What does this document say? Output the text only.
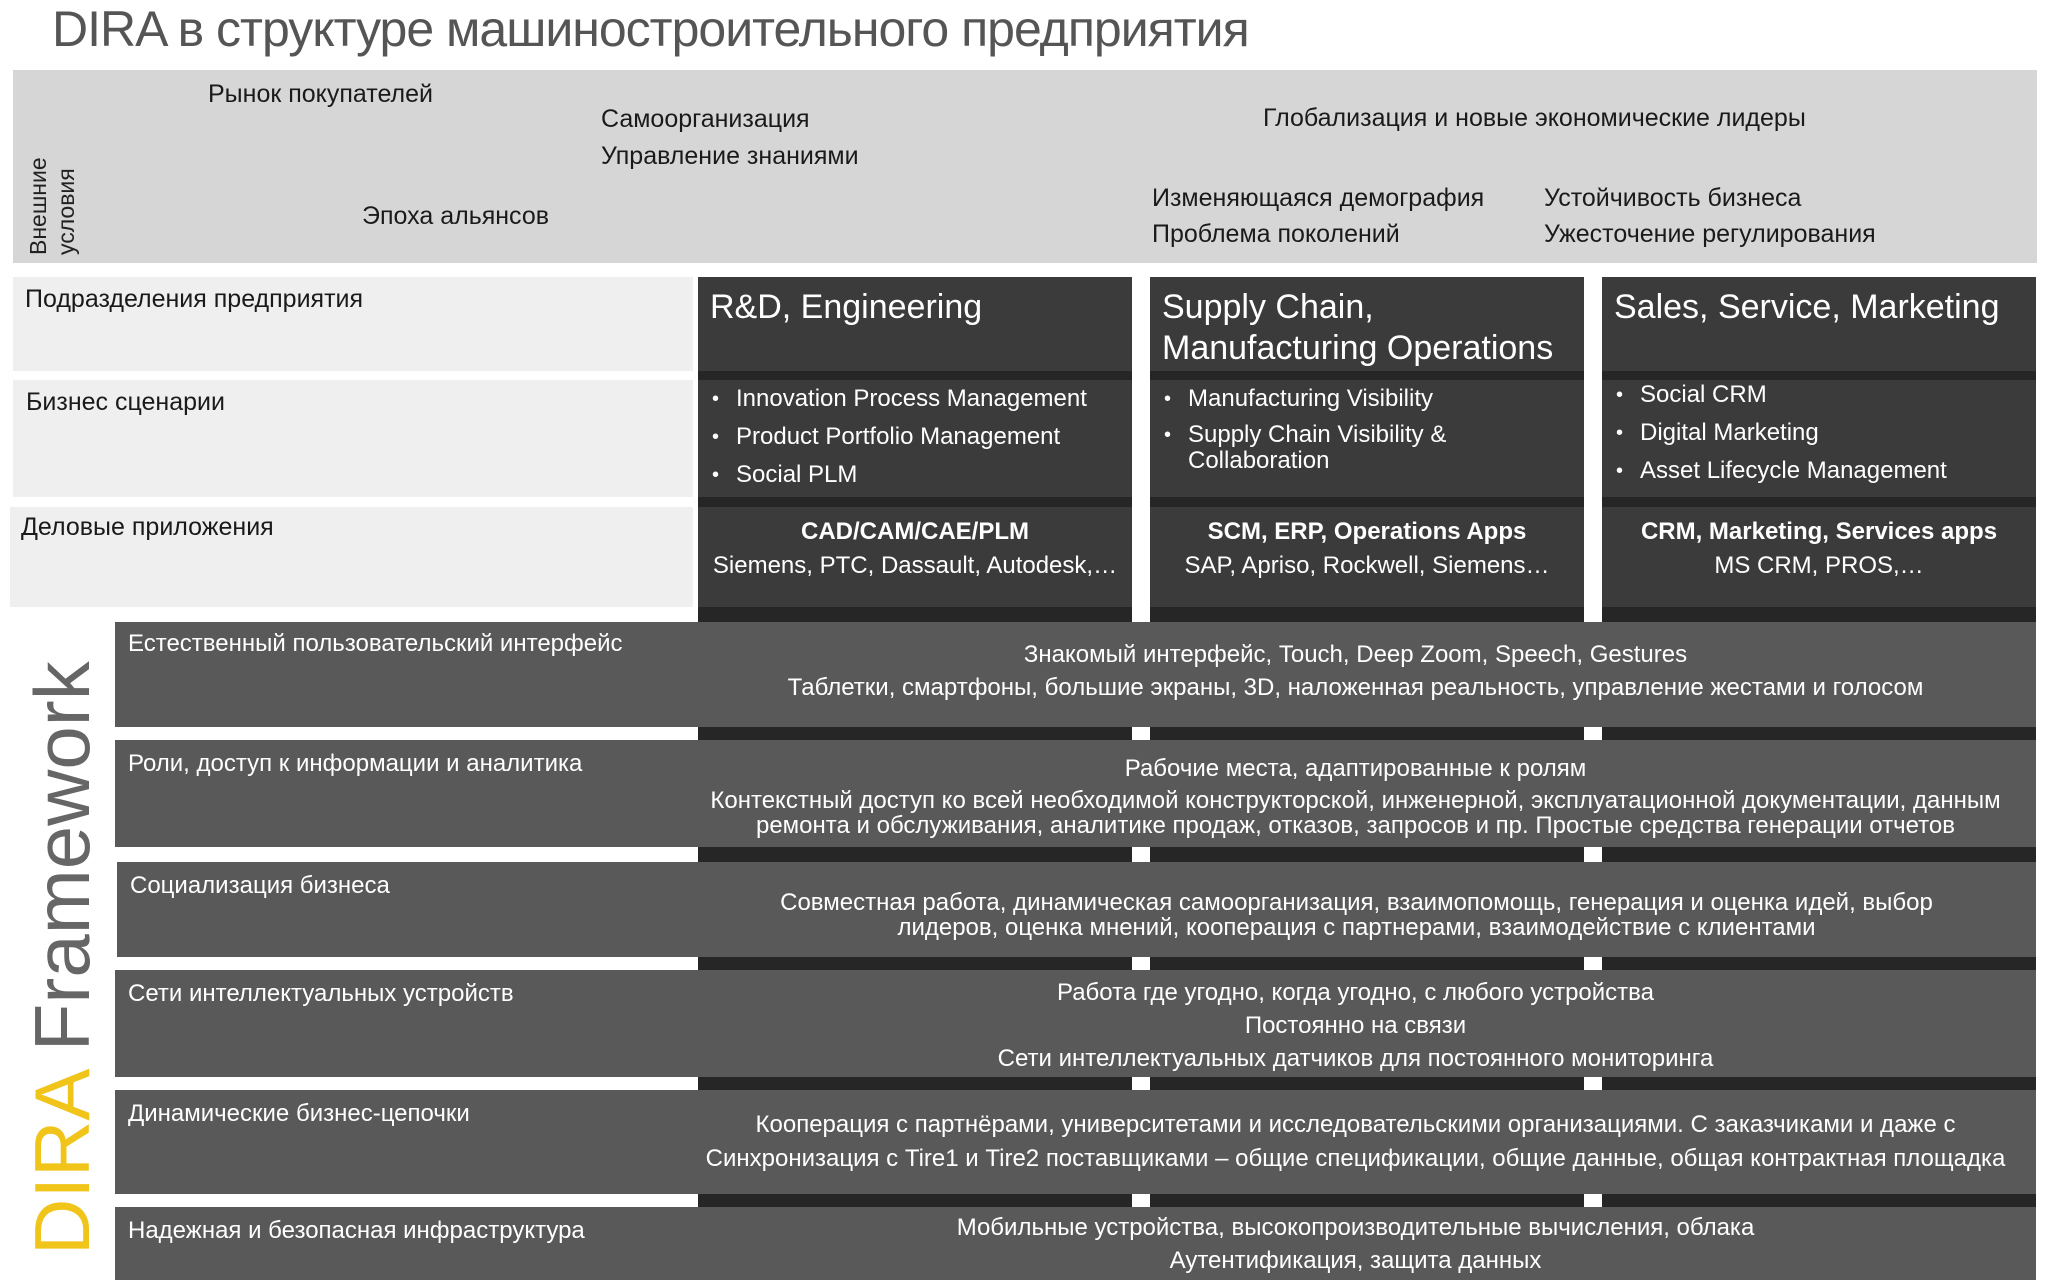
DIRA в структуре машиностроительного предприятия
Внешние условия
Рынок покупателей
Эпоха альянсов
Самоорганизация
Управление знаниями
Глобализация и новые экономические лидеры
Изменяющаяся демография
Проблема поколений
Устойчивость бизнеса
Ужесточение регулирования
Подразделения предприятия
Бизнес сценарии
Деловые приложения
R&D, Engineering
• Innovation Process Management
• Product Portfolio Management
• Social PLM
CAD/CAM/CAE/PLM
Siemens, PTC, Dassault, Autodesk,…
Supply Chain, Manufacturing Operations
• Manufacturing Visibility
• Supply Chain Visibility & Collaboration
SCM, ERP, Operations Apps
SAP, Apriso, Rockwell, Siemens…
Sales, Service, Marketing
• Social CRM
• Digital Marketing
• Asset Lifecycle Management
CRM, Marketing, Services apps
MS CRM, PROS,…
Естественный пользовательский интерфейс	Знакомый интерфейс, Touch, Deep Zoom, Speech, Gestures
Таблетки, смартфоны, большие экраны, 3D, наложенная реальность, управление жестами и голосом
Роли, доступ к информации и аналитика	Рабочие места, адаптированные к ролям
Контекстный доступ ко всей необходимой конструкторской, инженерной, эксплуатационной документации, данным
ремонта и обслуживания, аналитике продаж, отказов, запросов и пр. Простые средства генерации отчетов
Социализация бизнеса
Совместная работа, динамическая самоорганизация, взаимопомощь, генерация и оценка идей, выбор
лидеров, оценка мнений, кооперация с партнерами, взаимодействие с клиентами
Сети интеллектуальных устройств	Работа где угодно, когда угодно, с любого устройства
Постоянно на связи
Сети интеллектуальных датчиков для постоянного мониторинга
Динамические бизнес-цепочки	Кооперация с партнёрами, университетами и исследовательскими организациями. С заказчиками и даже с
Синхронизация с Tire1 и Tire2 поставщиками – общие спецификации, общие данные, общая контрактная площадка
Надежная и безопасная инфраструктура	Мобильные устройства, высокопроизводительные вычисления, облака
Аутентификация, защита данных
DIRA Framework
